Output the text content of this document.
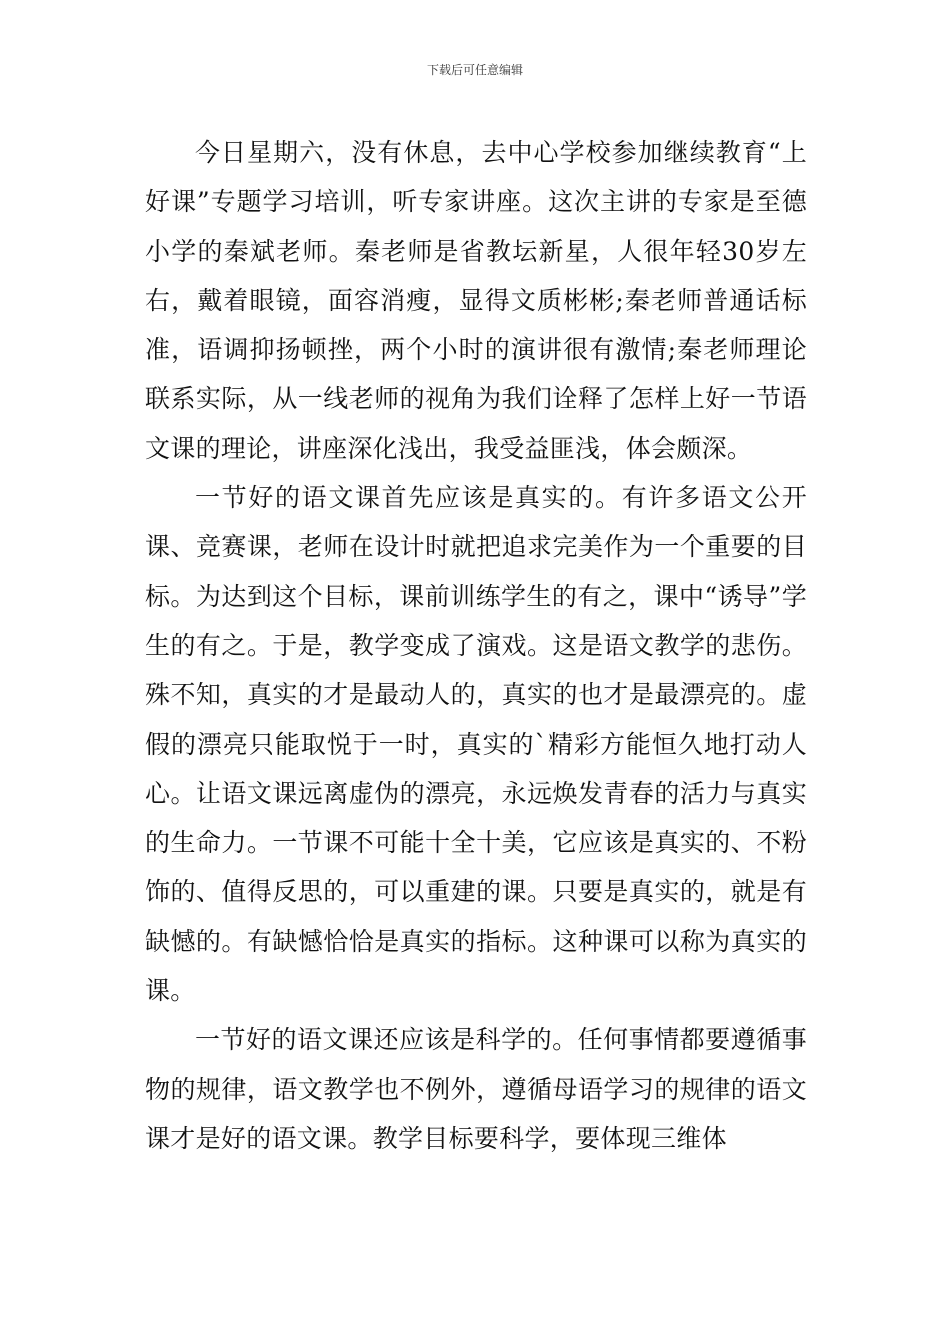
下载后可任意编辑

今日星期六，没有休息，去中心学校参加继续教育“上好课”专题学习培训，听专家讲座。这次主讲的专家是至德小学的秦斌老师。秦老师是省教坛新星，人很年轻30岁左右，戴着眼镜，面容消瘦，显得文质彬彬;秦老师普通话标准，语调抑扬顿挫，两个小时的演讲很有激情;秦老师理论联系实际，从一线老师的视角为我们诠释了怎样上好一节语文课的理论，讲座深化浅出，我受益匪浅，体会颇深。

一节好的语文课首先应该是真实的。有许多语文公开课、竞赛课，老师在设计时就把追求完美作为一个重要的目标。为达到这个目标，课前训练学生的有之，课中“诱导”学生的有之。于是，教学变成了演戏。这是语文教学的悲伤。殊不知，真实的才是最动人的，真实的也才是最漂亮的。虚假的漂亮只能取悦于一时，真实的`精彩方能恒久地打动人心。让语文课远离虚伪的漂亮，永远焕发青春的活力与真实的生命力。一节课不可能十全十美，它应该是真实的、不粉饰的、值得反思的，可以重建的课。只要是真实的，就是有缺憾的。有缺憾恰恰是真实的指标。这种课可以称为真实的课。

一节好的语文课还应该是科学的。任何事情都要遵循事物的规律，语文教学也不例外，遵循母语学习的规律的语文课才是好的语文课。教学目标要科学，要体现三维体
